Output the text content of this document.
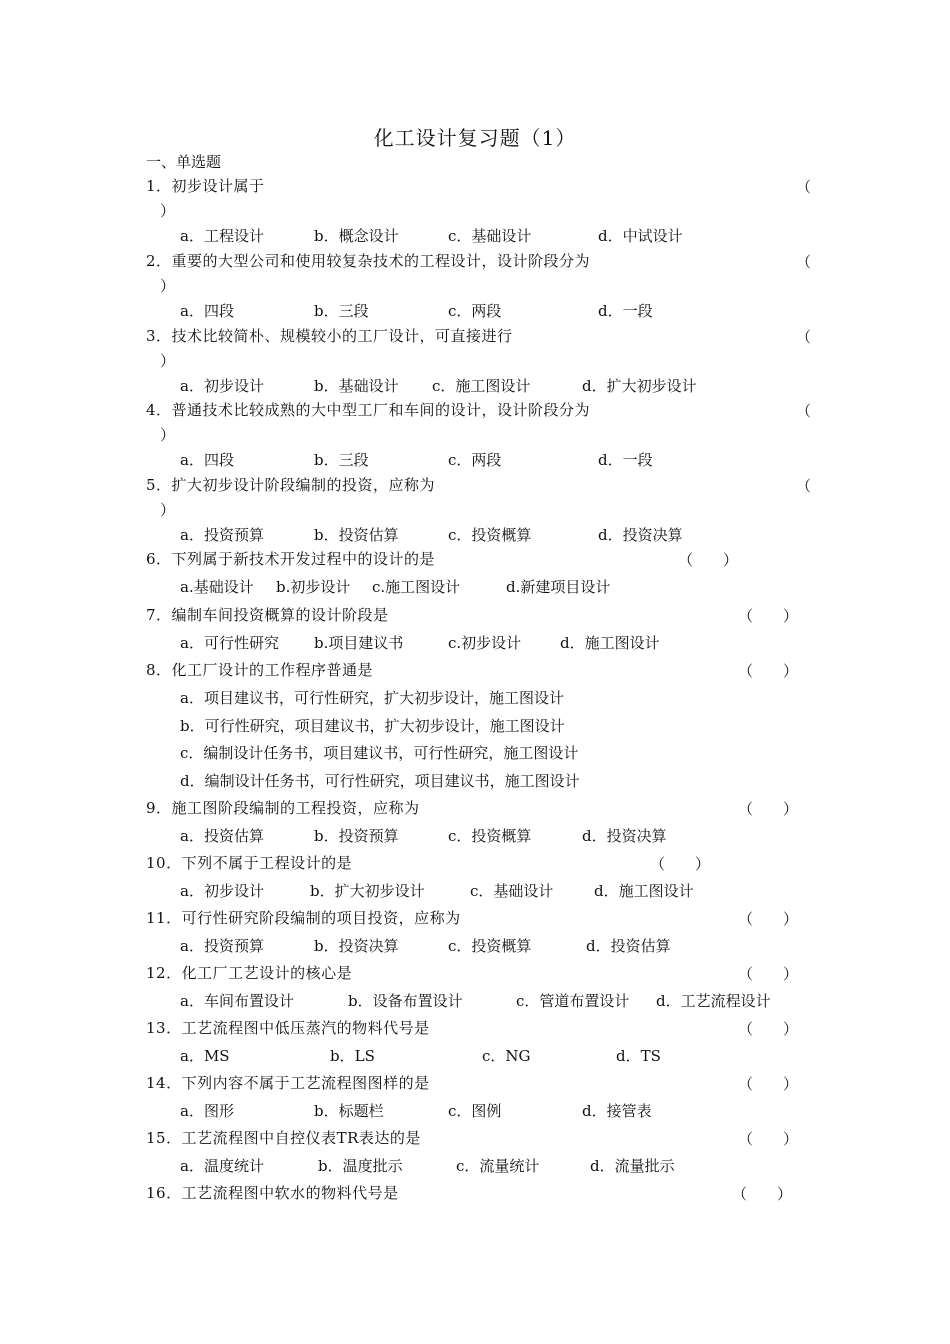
化工设计复习题（1）
一、单选题
1．初步设计属于	（
）
a．工程设计	b．概念设计	c．基础设计	d．中试设计
2．重要的大型公司和使用较复杂技术的工程设计，设计阶段分为	（
）
a．四段	b．三段	c．两段	d．一段
3．技术比较简朴、规模较小的工厂设计，可直接进行	（
）
a．初步设计	b．基础设计 c．施工图设计	d．扩大初步设计
4．普通技术比较成熟的大中型工厂和车间的设计，设计阶段分为	（
）
a．四段	b．三段	c．两段	d．一段
5．扩大初步设计阶段编制的投资，应称为	（
）
a．投资预算	b．投资估算	c．投资概算	d．投资决算
6．下列属于新技术开发过程中的设计的是	（　　）
a.基础设计 b.初步设计 c.施工图设计	d.新建项目设计
7．编制车间投资概算的设计阶段是	（　　）
a．可行性研究 b.项目建议书	c.初步设计	d．施工图设计
8．化工厂设计的工作程序普通是	（　　）
a．项目建议书，可行性研究，扩大初步设计，施工图设计
b．可行性研究，项目建议书，扩大初步设计，施工图设计
c．编制设计任务书，项目建议书，可行性研究，施工图设计
d．编制设计任务书，可行性研究，项目建议书，施工图设计
9．施工图阶段编制的工程投资，应称为	（　　）
a．投资估算	b．投资预算	c．投资概算	d．投资决算
10．下列不属于工程设计的是	（　　）
a．初步设计	b．扩大初步设计	c．基础设计	d．施工图设计
11．可行性研究阶段编制的项目投资，应称为	（　　）
a．投资预算	b．投资决算	c．投资概算	d．投资估算
12．化工厂工艺设计的核心是	（　　）
a．车间布置设计	b．设备布置设计	c．管道布置设计 d．工艺流程设计
13．工艺流程图中低压蒸汽的物料代号是	（　　）
a．MS	b．LS	c．NG	d．TS
14．下列内容不属于工艺流程图图样的是	（　　）
a．图形	b．标题栏	c．图例	d．接管表
15．工艺流程图中自控仪表TR表达的是	（　　）
a．温度统计	b．温度批示	c．流量统计	d．流量批示
16．工艺流程图中软水的物料代号是	（　　）
